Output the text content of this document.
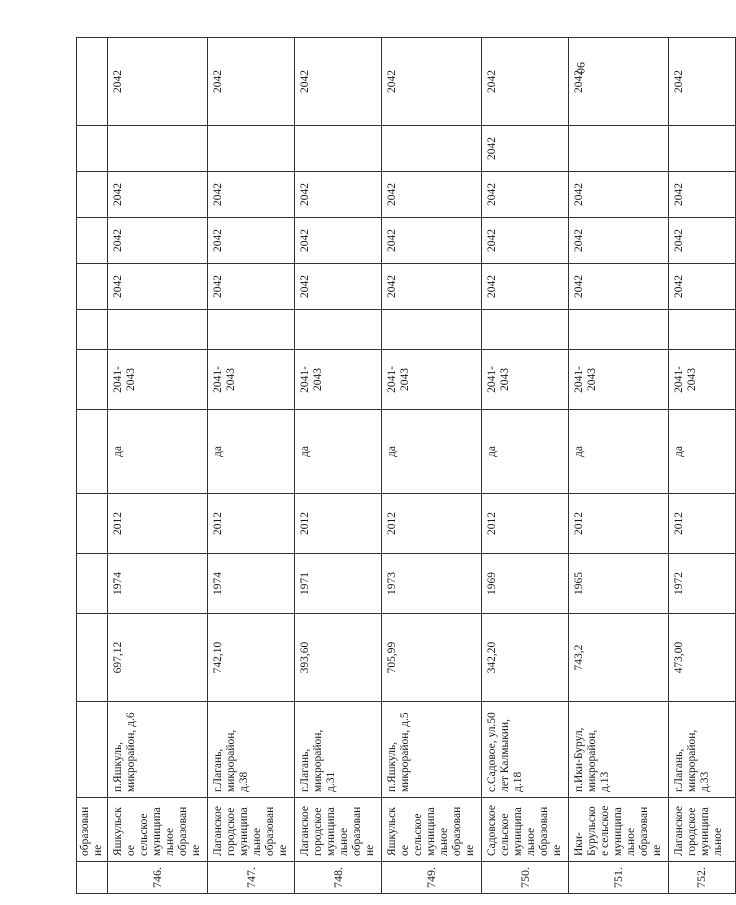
90
	образование												
746.	Яшкульское сельское муниципальное образование	п.Яшкуль, микрорайон, д.6	697,12	1974	2012	да	2041-2043		2042	2042	2042		2042
747.	Лаганское городское муниципальное образование	г.Лагань, микрорайон, д.38	742,10	1974	2012	да	2041-2043		2042	2042	2042		2042
748.	Лаганское городское муниципальное образование	г.Лагань, микрорайон, д.31	393,60	1971	2012	да	2041-2043		2042	2042	2042		2042
749.	Яшкульское сельское муниципальное образование	п.Яшкуль, микрорайон, д.5	705,99	1973	2012	да	2041-2043		2042	2042	2042		2042
750.	Садовское сельское муниципальное образование	с.Садовое, ул.50 лет Калмыкии, д.18	342,20	1969	2012	да	2041-2043		2042	2042	2042	2042	2042
751.	Ики-Бурульское сельское муниципальное образование	п.Ики-Бурул, микрорайон, д.13	743,2	1965	2012	да	2041-2043		2042	2042	2042		2042
752.	Лаганское городское муниципальное	г.Лагань, микрорайон, д.33	473,00	1972	2012	да	2041-2043		2042	2042	2042		2042
